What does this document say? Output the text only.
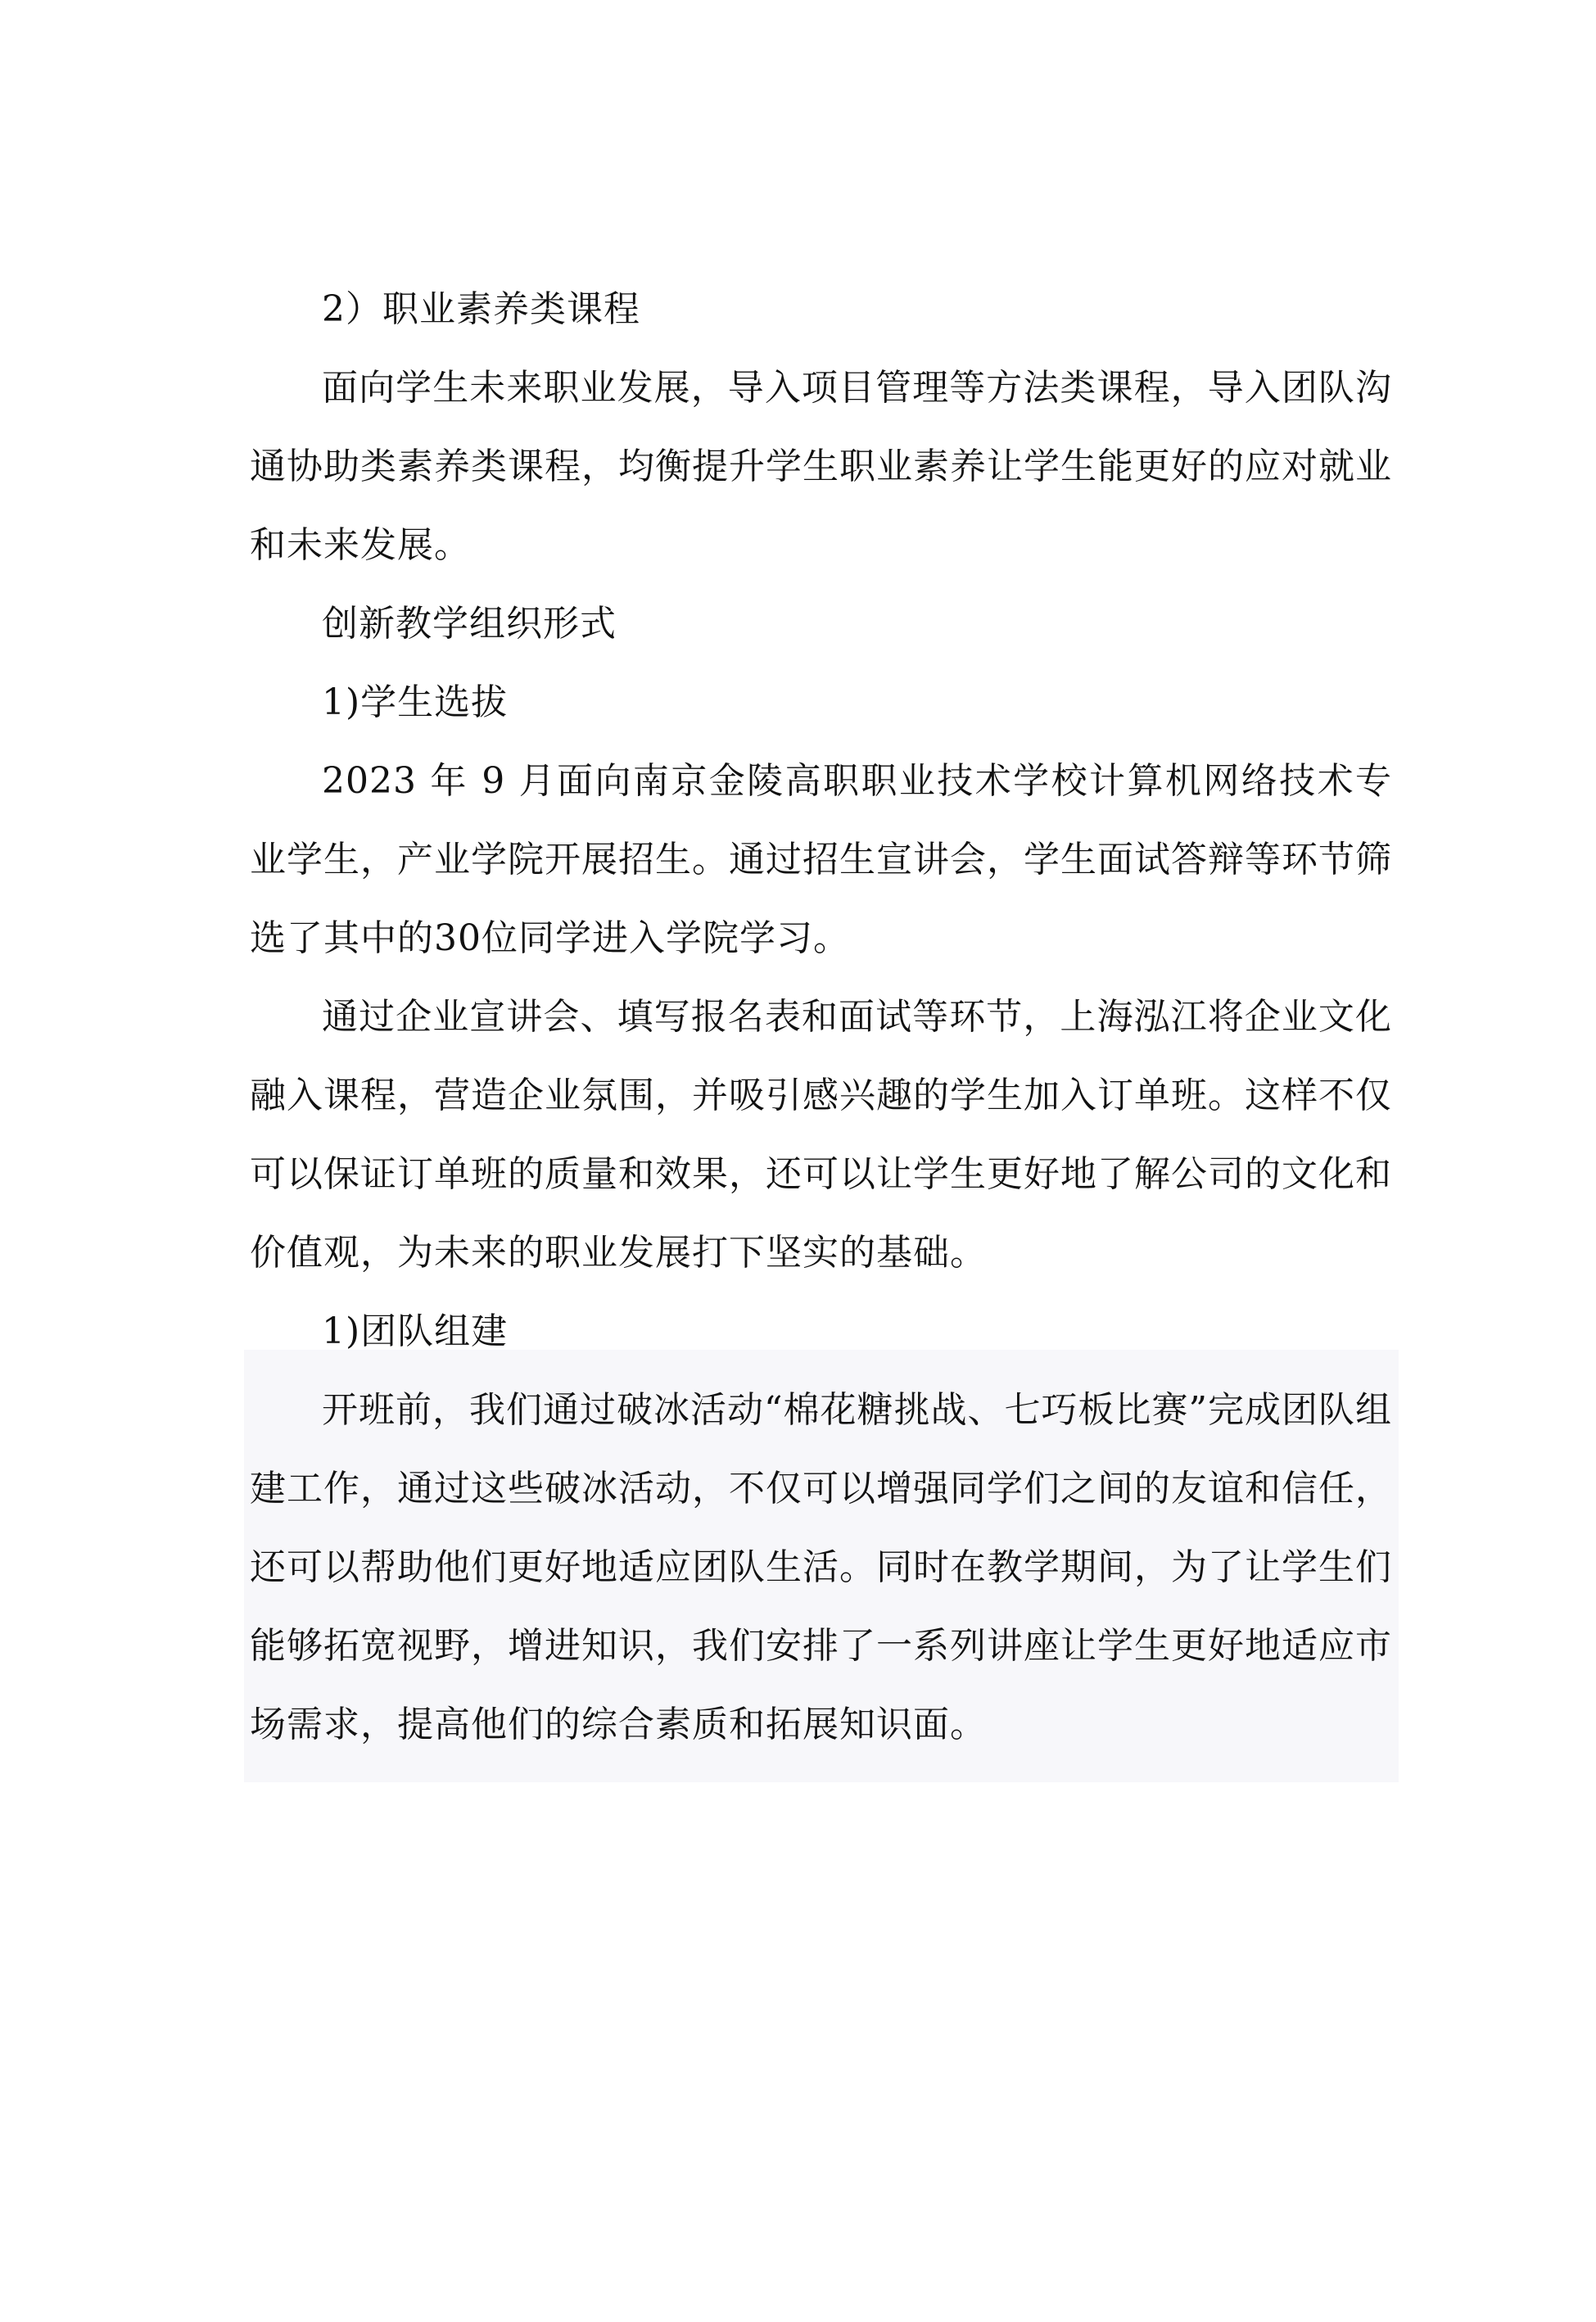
2）职业素养类课程
面向学生未来职业发展，导入项目管理等方法类课程，导入团队沟通协助类素养类课程，均衡提升学生职业素养让学生能更好的应对就业和未来发展。
创新教学组织形式
1)学生选拔
2023 年 9 月面向南京金陵高职职业技术学校计算机网络技术专业学生，产业学院开展招生。通过招生宣讲会，学生面试答辩等环节筛选了其中的30位同学进入学院学习。
通过企业宣讲会、填写报名表和面试等环节，上海泓江将企业文化融入课程，营造企业氛围，并吸引感兴趣的学生加入订单班。这样不仅可以保证订单班的质量和效果，还可以让学生更好地了解公司的文化和价值观，为未来的职业发展打下坚实的基础。
1)团队组建
开班前，我们通过破冰活动“棉花糖挑战、七巧板比赛”完成团队组建工作，通过这些破冰活动，不仅可以增强同学们之间的友谊和信任，还可以帮助他们更好地适应团队生活。同时在教学期间，为了让学生们能够拓宽视野，增进知识，我们安排了一系列讲座让学生更好地适应市场需求，提高他们的综合素质和拓展知识面。
